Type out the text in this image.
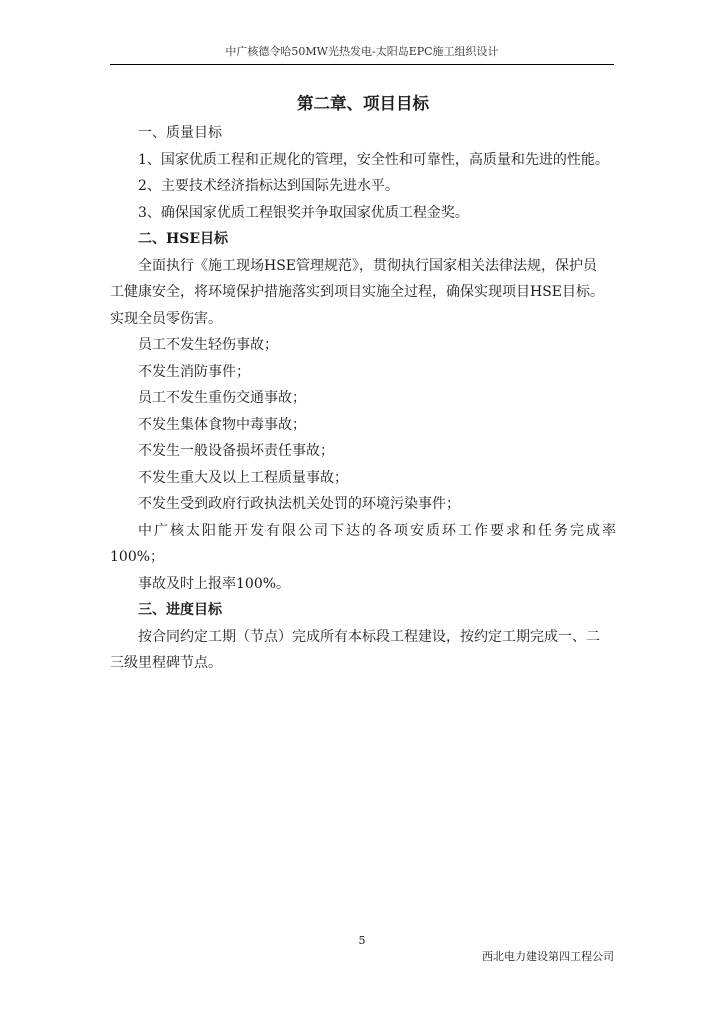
中广核德令哈50MW光热发电-太阳岛EPC施工组织设计

第二章、项目目标

一、质量目标

1、国家优质工程和正规化的管理，安全性和可靠性，高质量和先进的性能。

2、主要技术经济指标达到国际先进水平。

3、确保国家优质工程银奖并争取国家优质工程金奖。

二、HSE目标

全面执行《施工现场HSE管理规范》，贯彻执行国家相关法律法规，保护员

工健康安全，将环境保护措施落实到项目实施全过程，确保实现项目HSE目标。

实现全员零伤害。

员工不发生轻伤事故；

不发生消防事件；

员工不发生重伤交通事故；

不发生集体食物中毒事故；

不发生一般设备损坏责任事故；

不发生重大及以上工程质量事故；

不发生受到政府行政执法机关处罚的环境污染事件；

中广核太阳能开发有限公司下达的各项安质环工作要求和任务完成率

100%；

事故及时上报率100%。

三、进度目标

按合同约定工期（节点）完成所有本标段工程建设，按约定工期完成一、二

三级里程碑节点。

5
西北电力建设第四工程公司
